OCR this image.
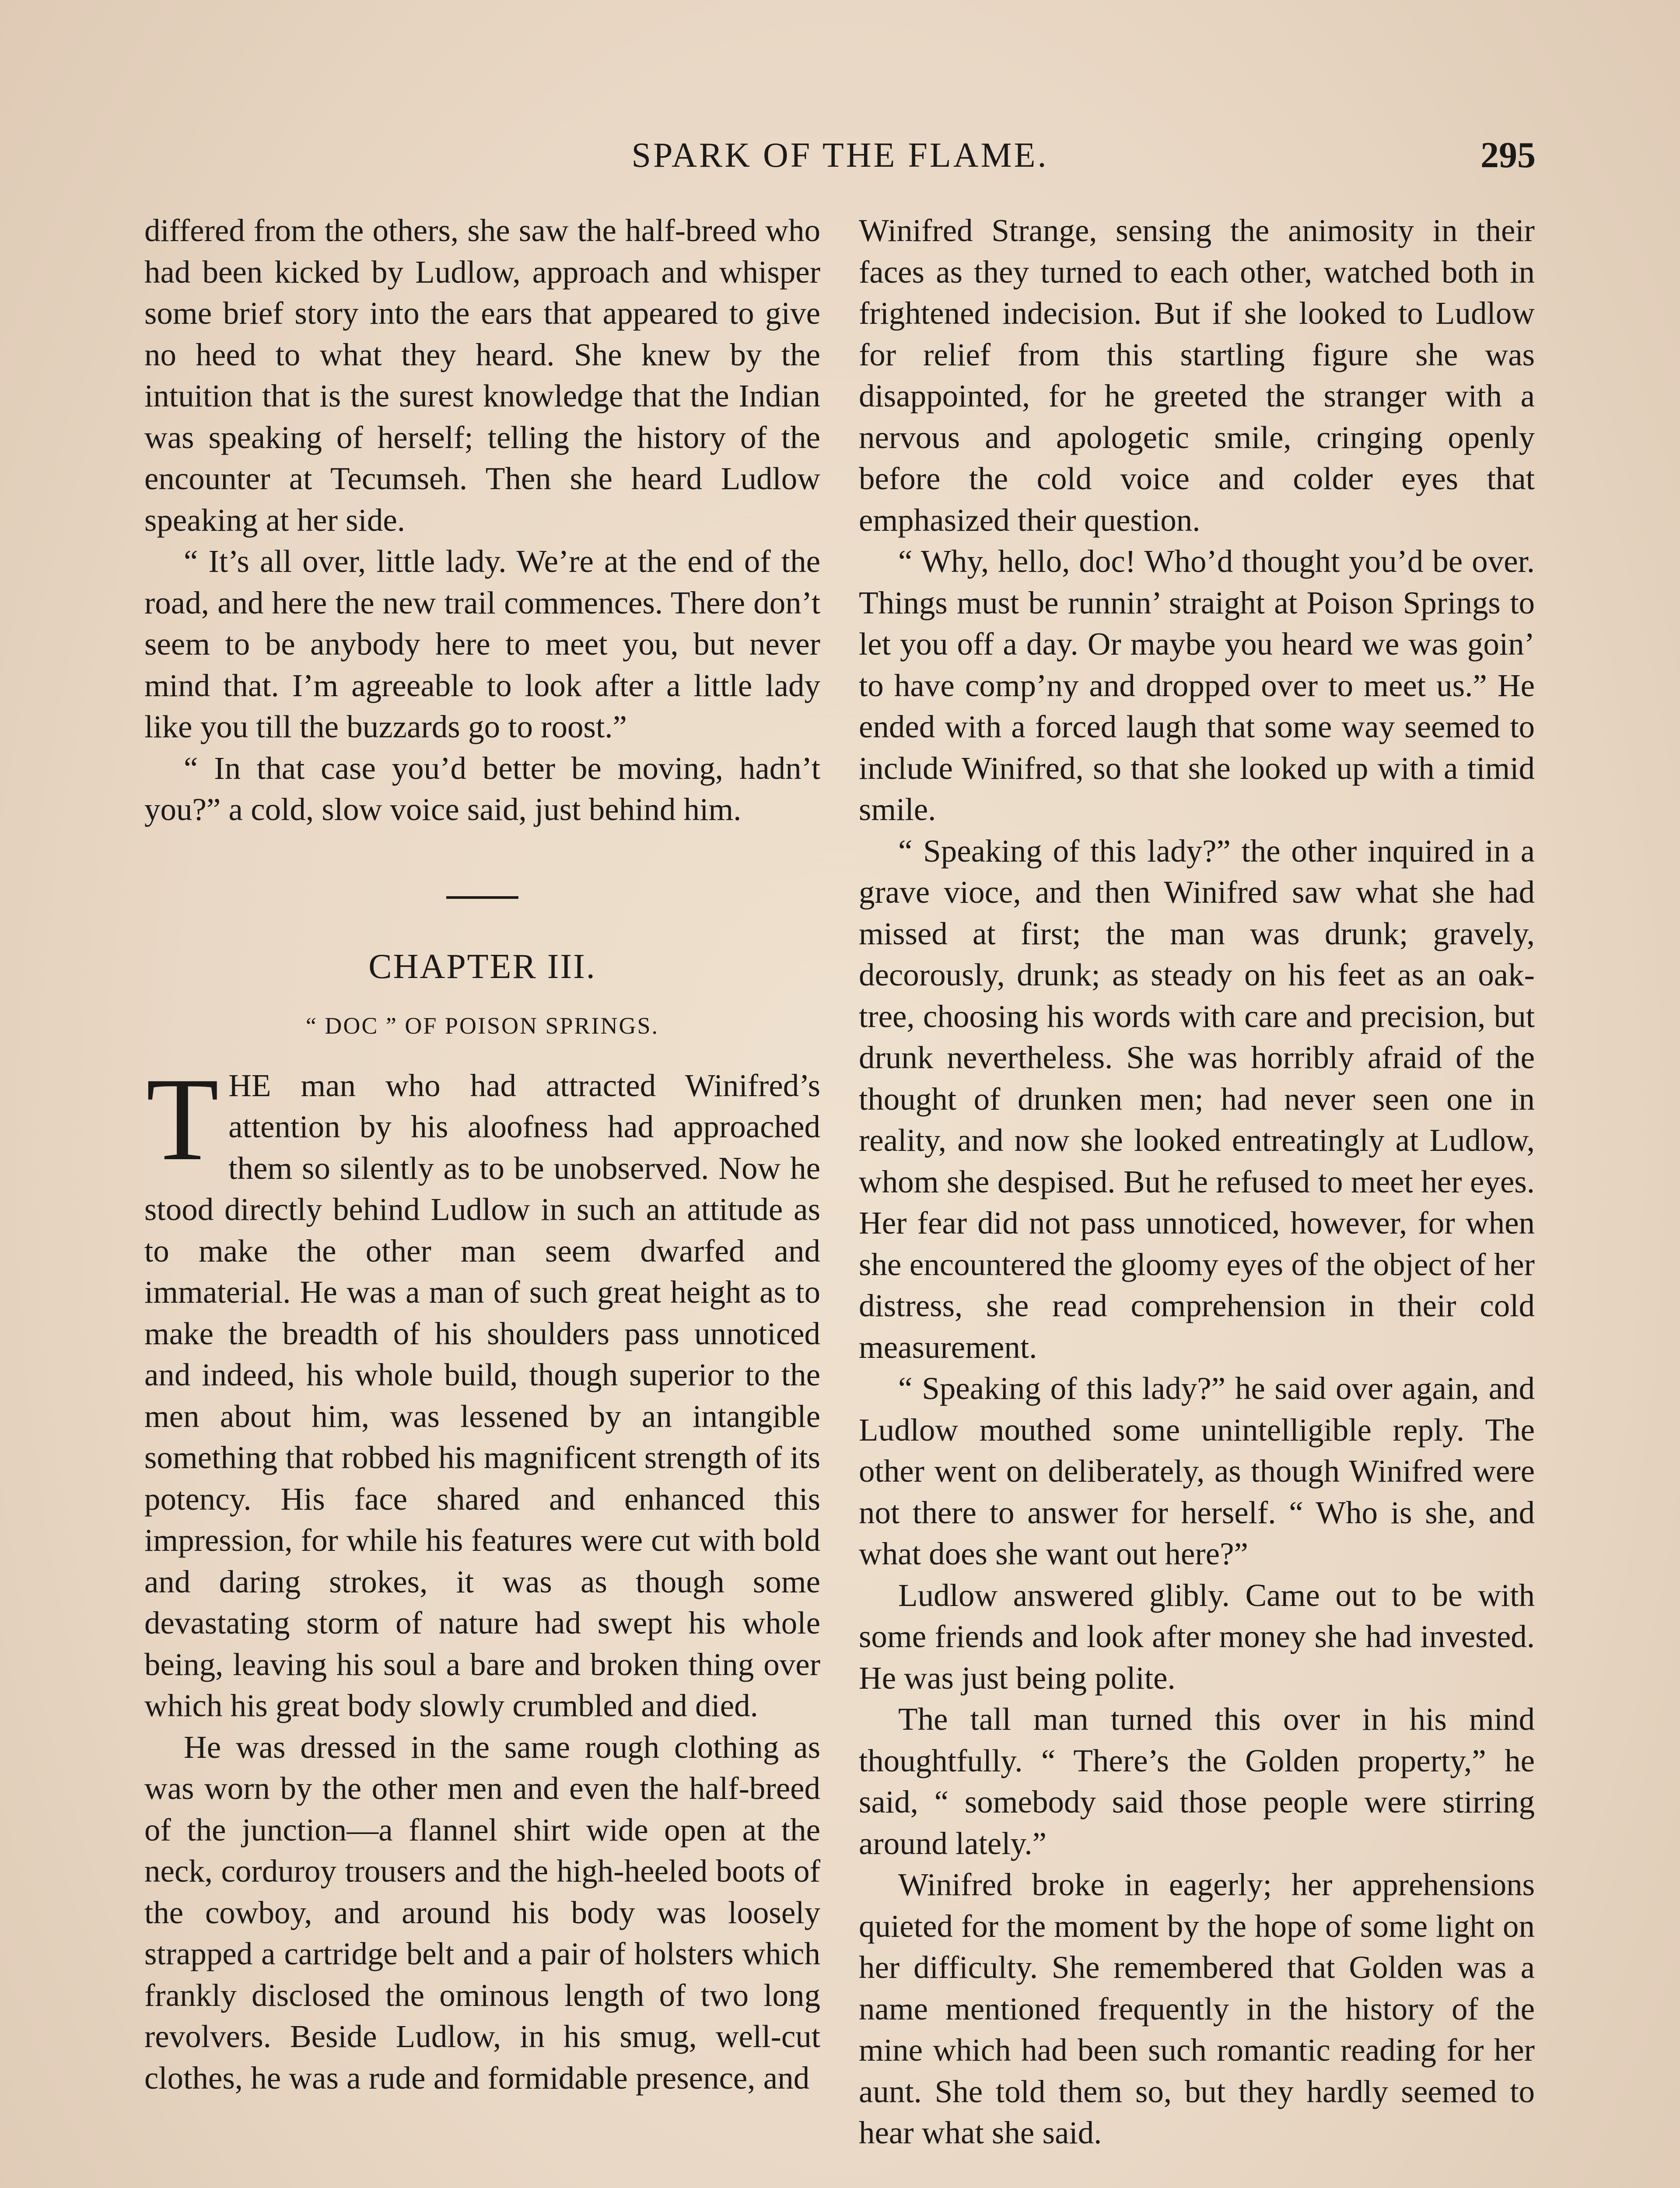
SPARK OF THE FLAME.	295

differed from the others, she saw the half-breed who had been kicked by Ludlow, approach and whisper some brief story into the ears that appeared to give no heed to what they heard. She knew by the intuition that is the surest knowledge that the Indian was speaking of herself; telling the history of the encounter at Tecumseh. Then she heard Ludlow speaking at her side.

“ It’s all over, little lady. We’re at the end of the road, and here the new trail commences. There don’t seem to be anybody here to meet you, but never mind that. I’m agreeable to look after a little lady like you till the buzzards go to roost.”

“ In that case you’d better be moving, hadn’t you?” a cold, slow voice said, just behind him.

CHAPTER III.
“ DOC ” OF POISON SPRINGS.

THE man who had attracted Winifred’s attention by his aloofness had approached them so silently as to be unobserved. Now he stood directly behind Ludlow in such an attitude as to make the other man seem dwarfed and immaterial. He was a man of such great height as to make the breadth of his shoulders pass unnoticed and indeed, his whole build, though superior to the men about him, was lessened by an intangible something that robbed his magnificent strength of its potency. His face shared and enhanced this impression, for while his features were cut with bold and daring strokes, it was as though some devastating storm of nature had swept his whole being, leaving his soul a bare and broken thing over which his great body slowly crumbled and died.

He was dressed in the same rough clothing as was worn by the other men and even the half-breed of the junction—a flannel shirt wide open at the neck, corduroy trousers and the high-heeled boots of the cowboy, and around his body was loosely strapped a cartridge belt and a pair of holsters which frankly disclosed the ominous length of two long revolvers. Beside Ludlow, in his smug, well-cut clothes, he was a rude and formidable presence, and

Winifred Strange, sensing the animosity in their faces as they turned to each other, watched both in frightened indecision. But if she looked to Ludlow for relief from this startling figure she was disappointed, for he greeted the stranger with a nervous and apologetic smile, cringing openly before the cold voice and colder eyes that emphasized their question.

“ Why, hello, doc! Who’d thought you’d be over. Things must be runnin’ straight at Poison Springs to let you off a day. Or maybe you heard we was goin’ to have comp’ny and dropped over to meet us.” He ended with a forced laugh that some way seemed to include Winifred, so that she looked up with a timid smile.

“ Speaking of this lady?” the other inquired in a grave vioce, and then Winifred saw what she had missed at first; the man was drunk; gravely, decorously, drunk; as steady on his feet as an oak-tree, choosing his words with care and precision, but drunk nevertheless. She was horribly afraid of the thought of drunken men; had never seen one in reality, and now she looked entreatingly at Ludlow, whom she despised. But he refused to meet her eyes. Her fear did not pass unnoticed, however, for when she encountered the gloomy eyes of the object of her distress, she read comprehension in their cold measurement.

“ Speaking of this lady?” he said over again, and Ludlow mouthed some unintelligible reply. The other went on deliberately, as though Winifred were not there to answer for herself. “ Who is she, and what does she want out here?”

Ludlow answered glibly. Came out to be with some friends and look after money she had invested. He was just being polite.

The tall man turned this over in his mind thoughtfully. “ There’s the Golden property,” he said, “ somebody said those people were stirring around lately.”

Winifred broke in eagerly; her apprehensions quieted for the moment by the hope of some light on her difficulty. She remembered that Golden was a name mentioned frequently in the history of the mine which had been such romantic reading for her aunt. She told them so, but they hardly seemed to hear what she said.
